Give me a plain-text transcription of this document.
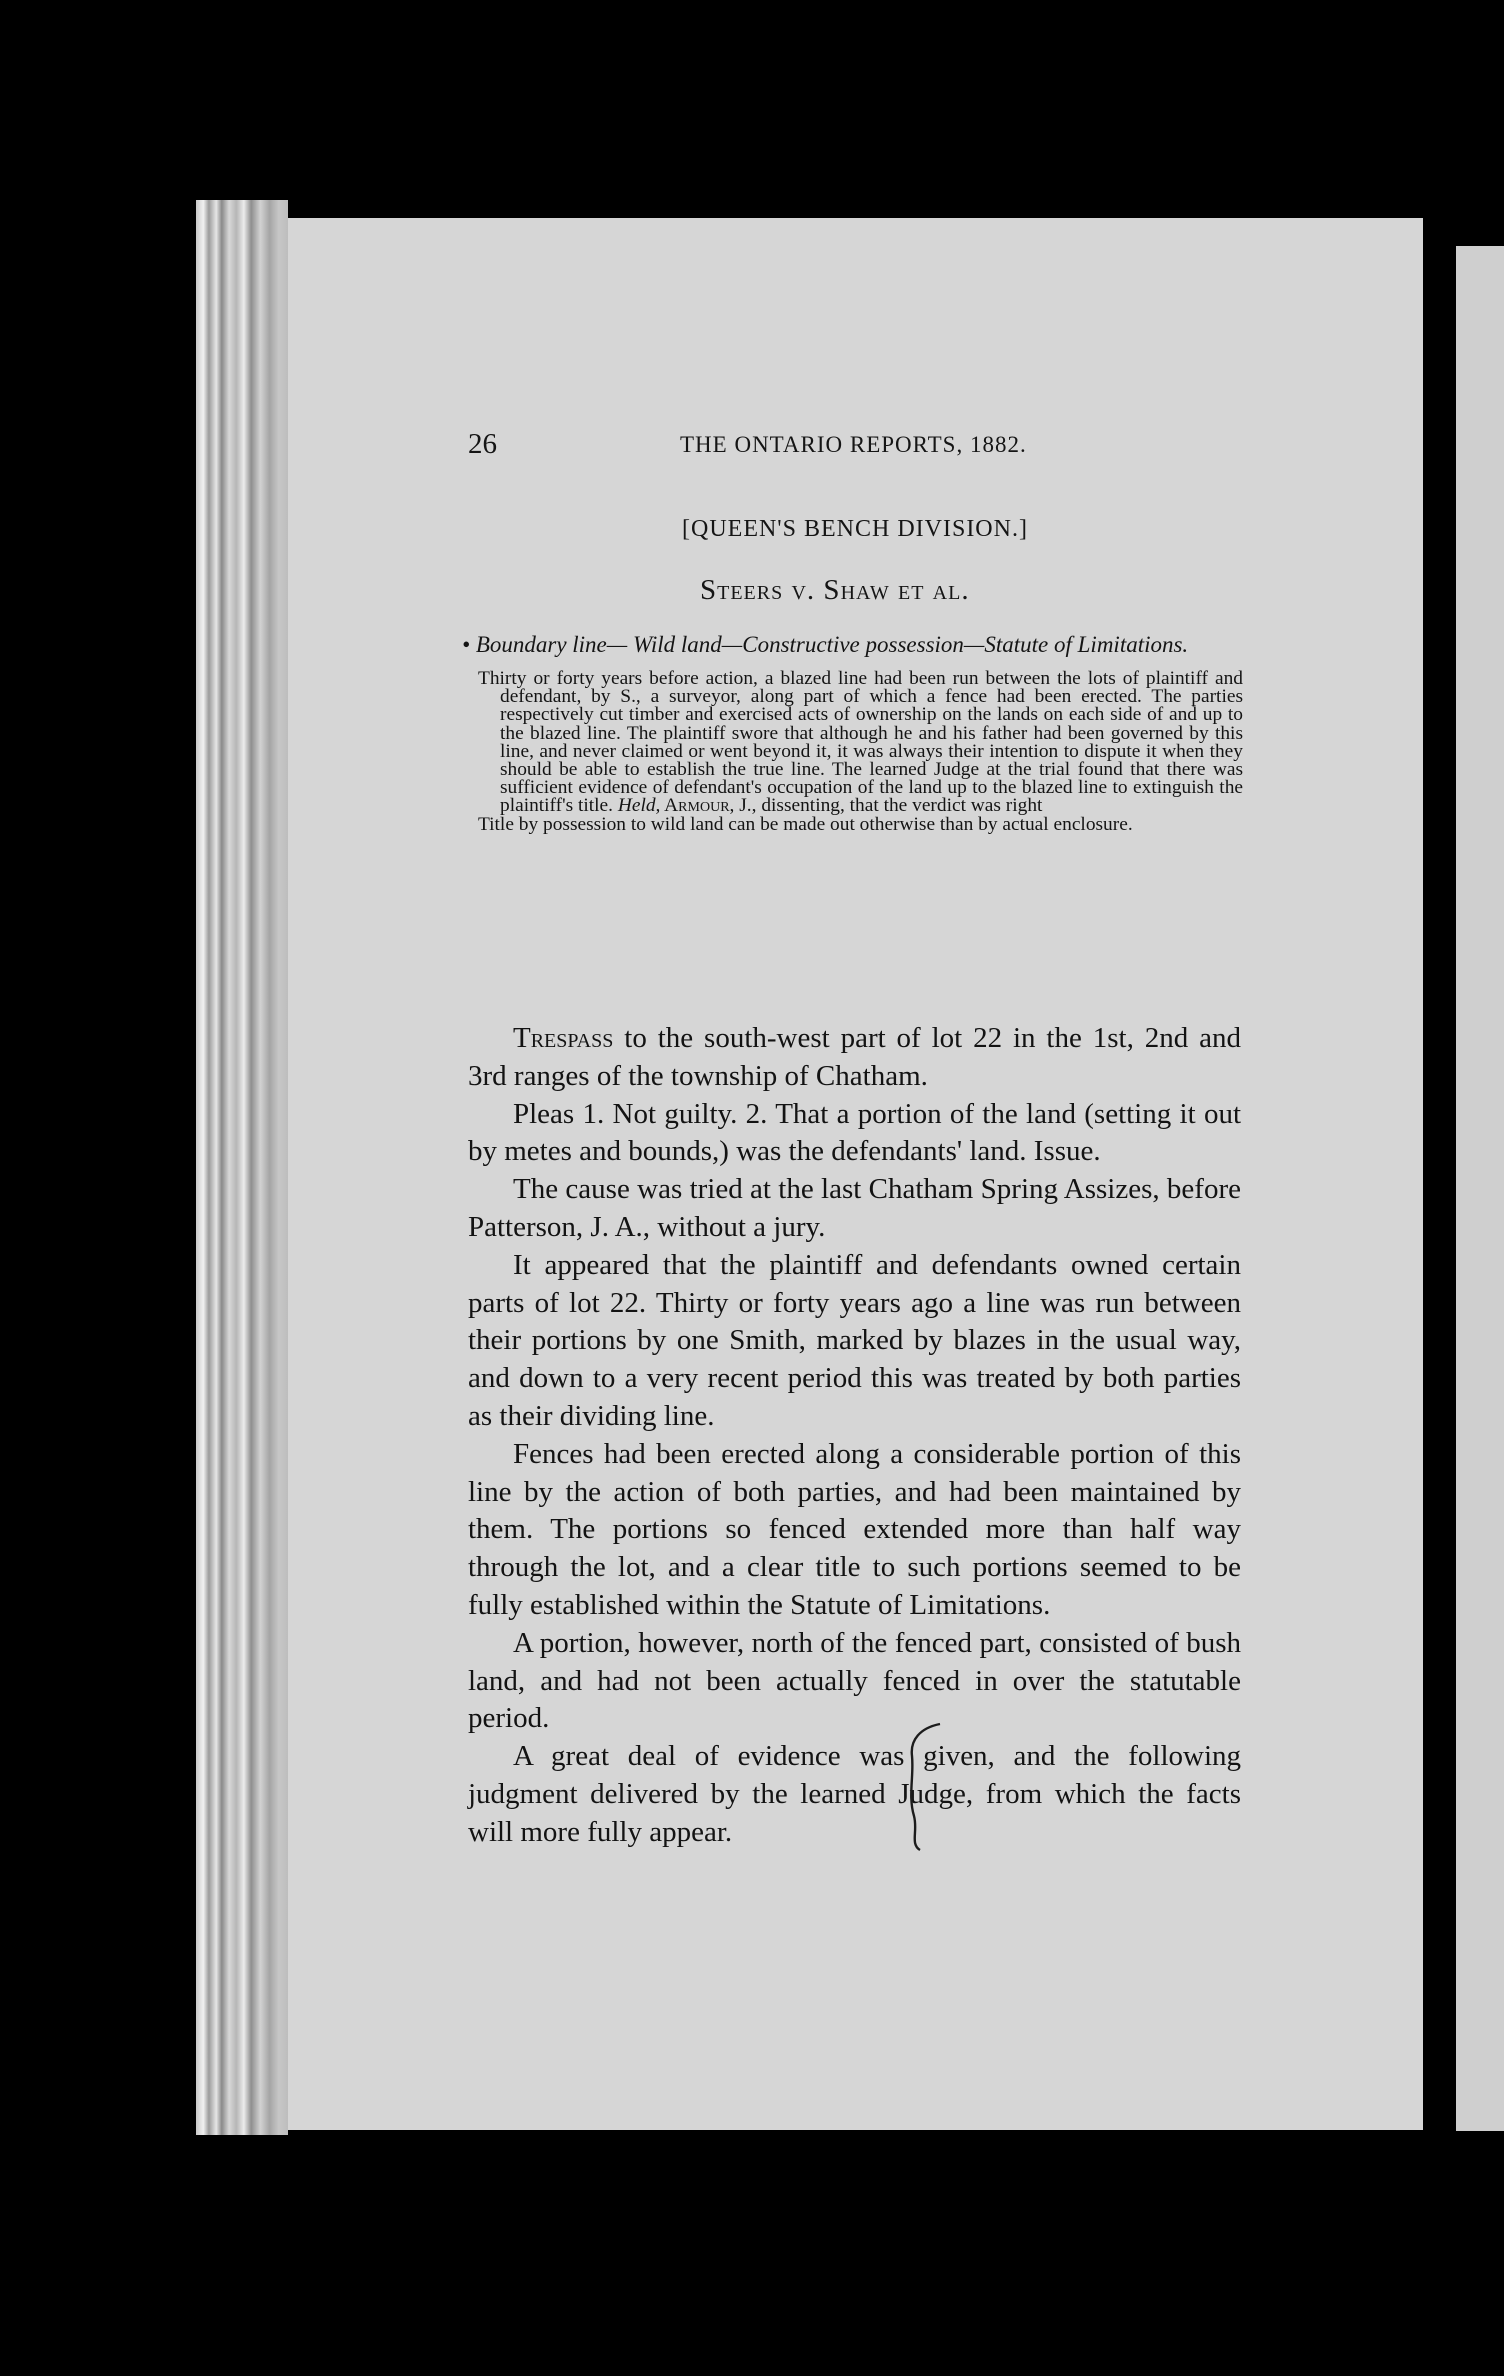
26	THE ONTARIO REPORTS, 1882.
[QUEEN'S BENCH DIVISION.]
Steers v. Shaw et al.
• Boundary line— Wild land—Constructive possession—Statute of Limitations.

Thirty or forty years before action, a blazed line had been run between the lots of plaintiff and defendant, by S., a surveyor, along part of which a fence had been erected. The parties respectively cut timber and exercised acts of ownership on the lands on each side of and up to the blazed line. The plaintiff swore that although he and his father had been governed by this line, and never claimed or went beyond it, it was always their intention to dispute it when they should be able to establish the true line. The learned Judge at the trial found that there was sufficient evidence of defendant's occupation of the land up to the blazed line to extinguish the plaintiff's title. Held, Armour, J., dissenting, that the verdict was right

Title by possession to wild land can be made out otherwise than by actual enclosure.

Trespass to the south-west part of lot 22 in the 1st, 2nd and 3rd ranges of the township of Chatham.

Pleas 1. Not guilty. 2. That a portion of the land (setting it out by metes and bounds,) was the defendants' land. Issue.

The cause was tried at the last Chatham Spring Assizes, before Patterson, J. A., without a jury.

It appeared that the plaintiff and defendants owned certain parts of lot 22. Thirty or forty years ago a line was run between their portions by one Smith, marked by blazes in the usual way, and down to a very recent period this was treated by both parties as their dividing line.

Fences had been erected along a considerable portion of this line by the action of both parties, and had been maintained by them. The portions so fenced extended more than half way through the lot, and a clear title to such portions seemed to be fully established within the Statute of Limitations.

A portion, however, north of the fenced part, consisted of bush land, and had not been actually fenced in over the statutable period.

A great deal of evidence was given, and the following judgment delivered by the learned Judge, from which the facts will more fully appear.
